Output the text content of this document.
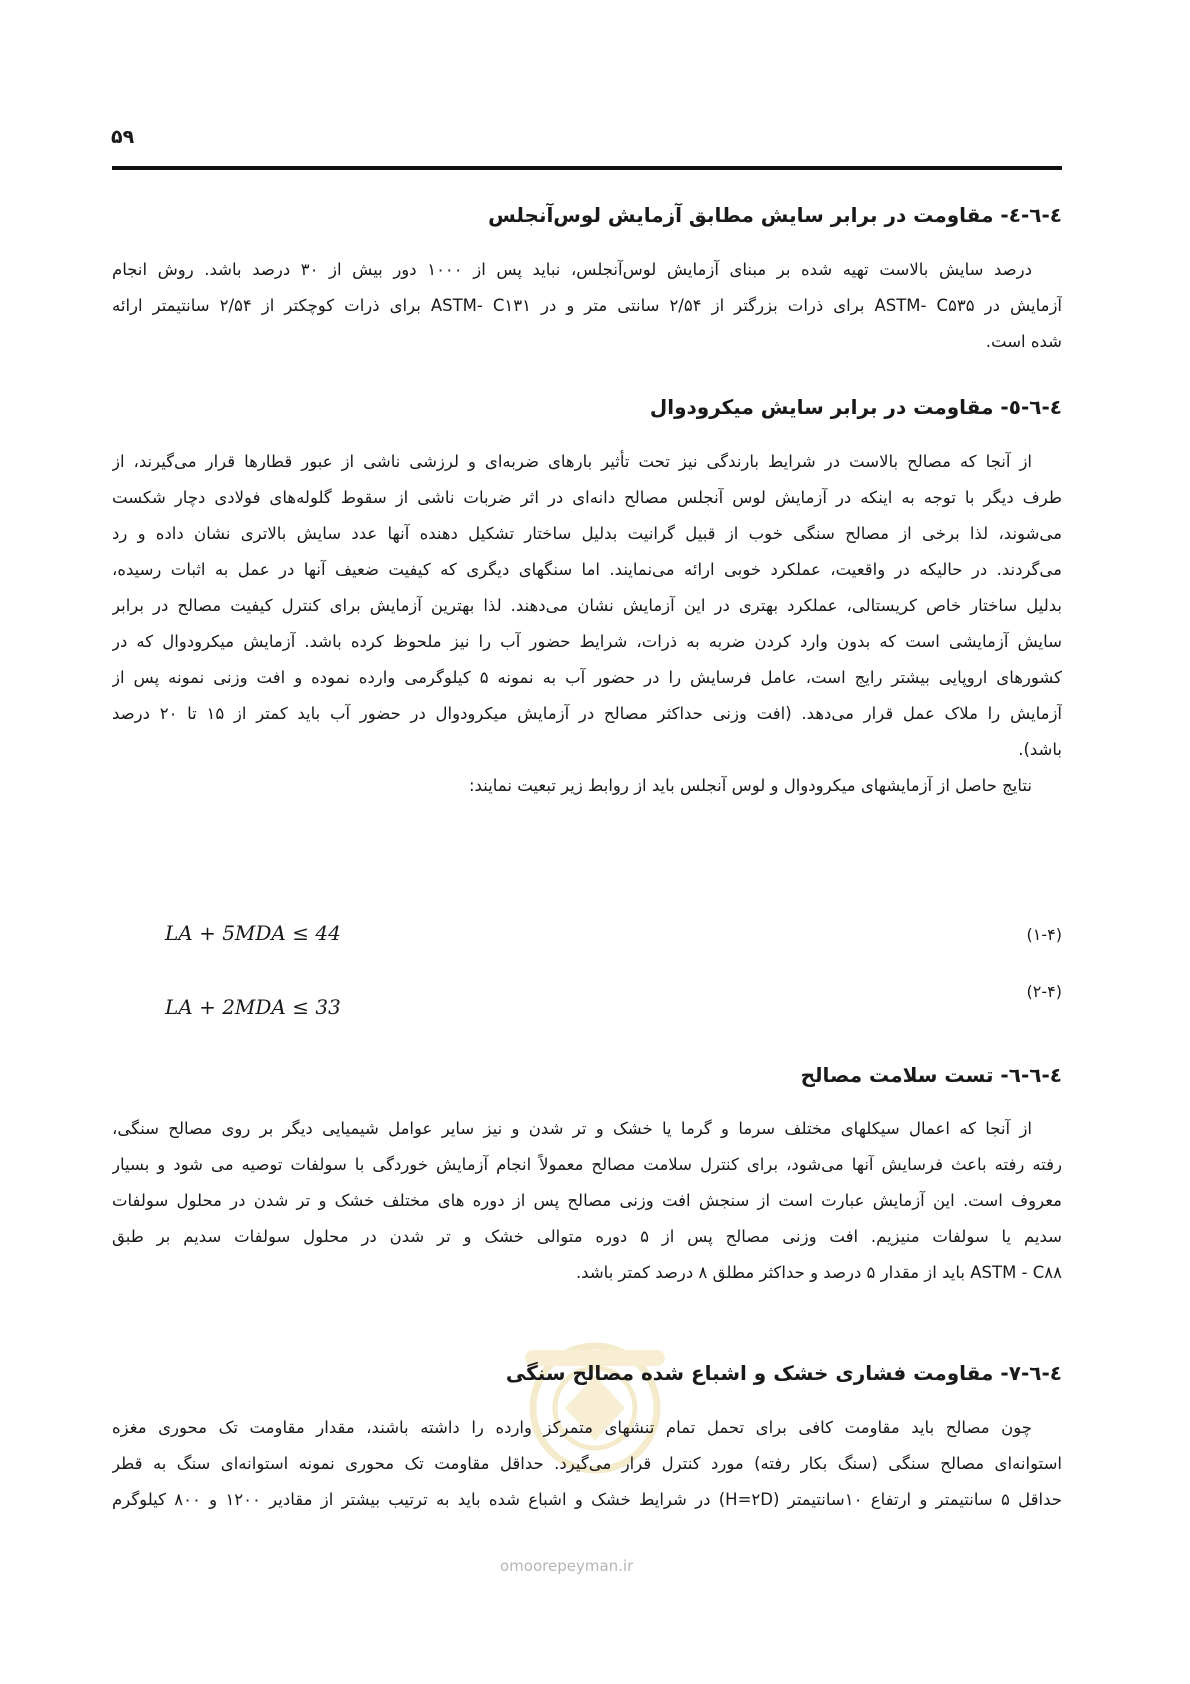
۵۹
٤-٦-٤- مقاومت در برابر سایش مطابق آزمایش لوس‌آنجلس
درصد سایش بالاست تهیه شده بر مبنای آزمایش لوس‌آنجلس، نباید پس از ۱۰۰۰ دور بیش از ۳۰ درصد باشد. روش انجام
آزمایش در ASTM- C۵۳۵ برای ذرات بزرگتر از ۲/۵۴ سانتی متر و در ASTM- C۱۳۱ برای ذرات کوچکتر از ۲/۵۴ سانتیمتر ارائه
شده است.
٤-٦-٥- مقاومت در برابر سایش میکرودوال
از آنجا که مصالح بالاست در شرایط بارندگی نیز تحت تأثیر بارهای ضربه‌ای و لرزشی ناشی از عبور قطارها قرار می‌گیرند، از
طرف دیگر با توجه به اینکه در آزمایش لوس آنجلس مصالح دانه‌ای در اثر ضربات ناشی از سقوط گلوله‌های فولادی دچار شکست
می‌شوند، لذا برخی از مصالح سنگی خوب از قبیل گرانیت بدلیل ساختار تشکیل دهنده آنها عدد سایش بالاتری نشان داده و رد
می‌گردند. در حالیکه در واقعیت، عملکرد خوبی ارائه می‌نمایند. اما سنگهای دیگری که کیفیت ضعیف آنها در عمل به اثبات رسیده،
بدلیل ساختار خاص کریستالی، عملکرد بهتری در این آزمایش نشان می‌دهند. لذا بهترین آزمایش برای کنترل کیفیت مصالح در برابر
سایش آزمایشی است که بدون وارد کردن ضربه به ذرات، شرایط حضور آب را نیز ملحوظ کرده باشد. آزمایش میکرودوال که در
کشورهای اروپایی بیشتر رایج است، عامل فرسایش را در حضور آب به نمونه ۵ کیلوگرمی وارده نموده و افت وزنی نمونه پس از
آزمایش را ملاک عمل قرار می‌دهد. (افت وزنی حداکثر مصالح در آزمایش میکرودوال در حضور آب باید کمتر از ۱۵ تا ۲۰ درصد
باشد).
نتایج حاصل از آزمایشهای میکرودوال و لوس آنجلس باید از روابط زیر تبعیت نمایند:
LA + 5MDA ≤ 44	(۱-۴)
LA + 2MDA ≤ 33
(۲-۴)
٤-٦-٦- تست سلامت مصالح
از آنجا که اعمال سیکلهای مختلف سرما و گرما یا خشک و تر شدن و نیز سایر عوامل شیمیایی دیگر بر روی مصالح سنگی،
رفته رفته باعث فرسایش آنها می‌شود، برای کنترل سلامت مصالح معمولاً انجام آزمایش خوردگی با سولفات توصیه می شود و بسیار
معروف است. این آزمایش عبارت است از سنجش افت وزنی مصالح پس از دوره های مختلف خشک و تر شدن در محلول سولفات
سدیم یا سولفات منیزیم. افت وزنی مصالح پس از ۵ دوره متوالی خشک و تر شدن در محلول سولفات سدیم بر طبق
ASTM - C۸۸ باید از مقدار ۵ درصد و حداکثر مطلق ۸ درصد کمتر باشد.
omoorepeyman.ir
٤-٦-٧- مقاومت فشاری خشک و اشباع شده مصالح سنگی
چون مصالح باید مقاومت کافی برای تحمل تمام تنشهای متمرکز وارده را داشته باشند، مقدار مقاومت تک محوری مغزه
استوانه‌ای مصالح سنگی (سنگ بکار رفته) مورد کنترل قرار می‌گیرد. حداقل مقاومت تک محوری نمونه استوانه‌ای سنگ به قطر
حداقل ۵ سانتیمتر و ارتفاع ۱۰سانتیمتر (H=۲D) در شرایط خشک و اشباع شده باید به ترتیب بیشتر از مقادیر ۱۲۰۰ و ۸۰۰ کیلوگرم
